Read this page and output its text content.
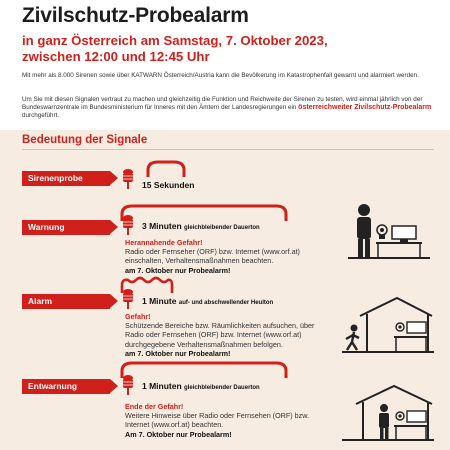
Zivilschutz-Probealarm
in ganz Österreich am Samstag, 7. Oktober 2023,
zwischen 12:00 und 12:45 Uhr
Mit mehr als 8.000 Sirenen sowie über KATWARN Österreich/Austria kann die Bevölkerung im Katastrophenfall gewarnt und alarmiert werden.
Um Sie mit diesen Signalen vertraut zu machen und gleichzeitig die Funktion und Reichweite der Sirenen zu testen, wird einmal jährlich von der Bundeswarnzentrale im Bundesministerium für Inneres mit den Ämtern der Landesregierungen ein österreichweiter Zivilschutz-Probealarm durchgeführt.
Bedeutung der Signale
Sirenenprobe
15 Sekunden
Warnung	3 Minuten gleichbleibender Dauerton
Herannahende Gefahr!
Radio oder Fernseher (ORF) bzw. Internet (www.orf.at) einschalten, Verhaltensmaßnahmen beachten.
am 7. Oktober nur Probealarm!
Alarm	1 Minute auf- und abschwellender Heulton
Gefahr!
Schützende Bereiche bzw. Räumlichkeiten aufsuchen, über Radio oder Fernsehen (ORF) bzw. Internet (www.orf.at) durchgegebene Verhaltensmaßnahmen befolgen.
am 7. Oktober nur Probealarm!
Entwarnung	1 Minuten gleichbleibender Dauerton
Ende der Gefahr!
Weitere Hinweise über Radio oder Fernsehen (ORF) bzw. Internet (www.orf.at) beachten.
Am 7. Oktober nur Probealarm!
